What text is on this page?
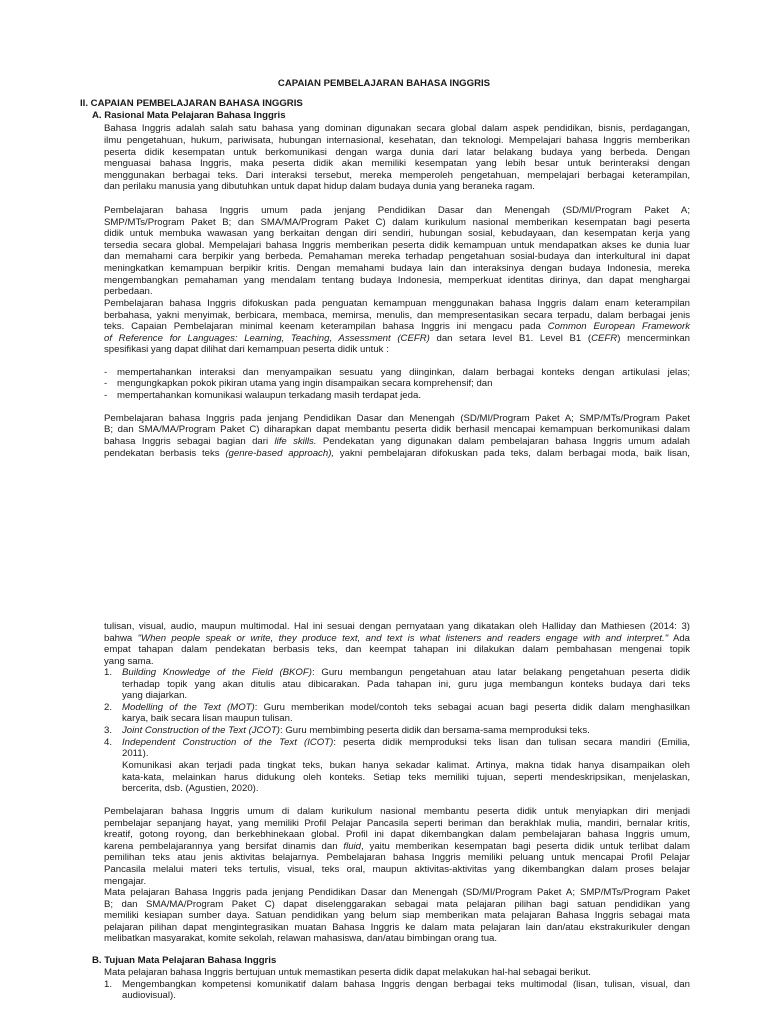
CAPAIAN PEMBELAJARAN BAHASA INGGRIS
II. CAPAIAN PEMBELAJARAN BAHASA INGGRIS
A. Rasional Mata Pelajaran Bahasa Inggris
Bahasa Inggris adalah salah satu bahasa yang dominan digunakan secara global dalam aspek pendidikan, bisnis, perdagangan,
ilmu pengetahuan, hukum, pariwisata, hubungan internasional, kesehatan, dan teknologi. Mempelajari bahasa Inggris memberikan
peserta didik kesempatan untuk berkomunikasi dengan warga dunia dari latar belakang budaya yang berbeda. Dengan
menguasai bahasa Inggris, maka peserta didik akan memiliki kesempatan yang lebih besar untuk berinteraksi dengan
menggunakan berbagai teks. Dari interaksi tersebut, mereka memperoleh pengetahuan, mempelajari berbagai keterampilan,
dan perilaku manusia yang dibutuhkan untuk dapat hidup dalam budaya dunia yang beraneka ragam.
Pembelajaran bahasa Inggris umum pada jenjang Pendidikan Dasar dan Menengah (SD/MI/Program Paket A;
SMP/MTs/Program Paket B; dan SMA/MA/Program Paket C) dalam kurikulum nasional memberikan kesempatan bagi peserta
didik untuk membuka wawasan yang berkaitan dengan diri sendiri, hubungan sosial, kebudayaan, dan kesempatan kerja yang
tersedia secara global. Mempelajari bahasa Inggris memberikan peserta didik kemampuan untuk mendapatkan akses ke dunia luar
dan memahami cara berpikir yang berbeda. Pemahaman mereka terhadap pengetahuan sosial-budaya dan interkultural ini dapat
meningkatkan kemampuan berpikir kritis. Dengan memahami budaya lain dan interaksinya dengan budaya Indonesia, mereka
mengembangkan pemahaman yang mendalam tentang budaya Indonesia, memperkuat identitas dirinya, dan dapat menghargai
perbedaan.
Pembelajaran bahasa Inggris difokuskan pada penguatan kemampuan menggunakan bahasa Inggris dalam enam keterampilan
berbahasa, yakni menyimak, berbicara, membaca, memirsa, menulis, dan mempresentasikan secara terpadu, dalam berbagai jenis
teks. Capaian Pembelajaran minimal keenam keterampilan bahasa Inggris ini mengacu pada Common European Framework
of Reference for Languages: Learning, Teaching, Assessment (CEFR) dan setara level B1. Level B1 (CEFR) mencerminkan
spesifikasi yang dapat dilihat dari kemampuan peserta didik untuk :
- mempertahankan interaksi dan menyampaikan sesuatu yang diinginkan, dalam berbagai konteks dengan artikulasi jelas;
- mengungkapkan pokok pikiran utama yang ingin disampaikan secara komprehensif; dan
- mempertahankan komunikasi walaupun terkadang masih terdapat jeda.
Pembelajaran bahasa Inggris pada jenjang Pendidikan Dasar dan Menengah (SD/MI/Program Paket A; SMP/MTs/Program Paket
B; dan SMA/MA/Program Paket C) diharapkan dapat membantu peserta didik berhasil mencapai kemampuan berkomunikasi dalam
bahasa Inggris sebagai bagian dari life skills. Pendekatan yang digunakan dalam pembelajaran bahasa Inggris umum adalah
pendekatan berbasis teks (genre-based approach), yakni pembelajaran difokuskan pada teks, dalam berbagai moda, baik lisan,
tulisan, visual, audio, maupun multimodal. Hal ini sesuai dengan pernyataan yang dikatakan oleh Halliday dan Mathiesen (2014: 3)
bahwa "When people speak or write, they produce text, and text is what listeners and readers engage with and interpret." Ada
empat tahapan dalam pendekatan berbasis teks, dan keempat tahapan ini dilakukan dalam pembahasan mengenai topik
yang sama.
1. Building Knowledge of the Field (BKOF): Guru membangun pengetahuan atau latar belakang pengetahuan peserta didik
terhadap topik yang akan ditulis atau dibicarakan. Pada tahapan ini, guru juga membangun konteks budaya dari teks
yang diajarkan.
2. Modelling of the Text (MOT): Guru memberikan model/contoh teks sebagai acuan bagi peserta didik dalam menghasilkan
karya, baik secara lisan maupun tulisan.
3. Joint Construction of the Text (JCOT): Guru membimbing peserta didik dan bersama-sama memproduksi teks.
4. Independent Construction of the Text (ICOT): peserta didik memproduksi teks lisan dan tulisan secara mandiri (Emilia,
2011).
Komunikasi akan terjadi pada tingkat teks, bukan hanya sekadar kalimat. Artinya, makna tidak hanya disampaikan oleh
kata-kata, melainkan harus didukung oleh konteks. Setiap teks memiliki tujuan, seperti mendeskripsikan, menjelaskan,
bercerita, dsb. (Agustien, 2020).
Pembelajaran bahasa Inggris umum di dalam kurikulum nasional membantu peserta didik untuk menyiapkan diri menjadi
pembelajar sepanjang hayat, yang memiliki Profil Pelajar Pancasila seperti beriman dan berakhlak mulia, mandiri, bernalar kritis,
kreatif, gotong royong, dan berkebhinekaan global. Profil ini dapat dikembangkan dalam pembelajaran bahasa Inggris umum,
karena pembelajarannya yang bersifat dinamis dan fluid, yaitu memberikan kesempatan bagi peserta didik untuk terlibat dalam
pemilihan teks atau jenis aktivitas belajarnya. Pembelajaran bahasa Inggris memiliki peluang untuk mencapai Profil Pelajar
Pancasila melalui materi teks tertulis, visual, teks oral, maupun aktivitas-aktivitas yang dikembangkan dalam proses belajar
mengajar.
Mata pelajaran Bahasa Inggris pada jenjang Pendidikan Dasar dan Menengah (SD/MI/Program Paket A; SMP/MTs/Program Paket
B; dan SMA/MA/Program Paket C) dapat diselenggarakan sebagai mata pelajaran pilihan bagi satuan pendidikan yang
memiliki kesiapan sumber daya. Satuan pendidikan yang belum siap memberikan mata pelajaran Bahasa Inggris sebagai mata
pelajaran pilihan dapat mengintegrasikan muatan Bahasa Inggris ke dalam mata pelajaran lain dan/atau ekstrakurikuler dengan
melibatkan masyarakat, komite sekolah, relawan mahasiswa, dan/atau bimbingan orang tua.
B. Tujuan Mata Pelajaran Bahasa Inggris
Mata pelajaran bahasa Inggris bertujuan untuk memastikan peserta didik dapat melakukan hal-hal sebagai berikut.
1. Mengembangkan kompetensi komunikatif dalam bahasa Inggris dengan berbagai teks multimodal (lisan, tulisan, visual, dan
audiovisual).
